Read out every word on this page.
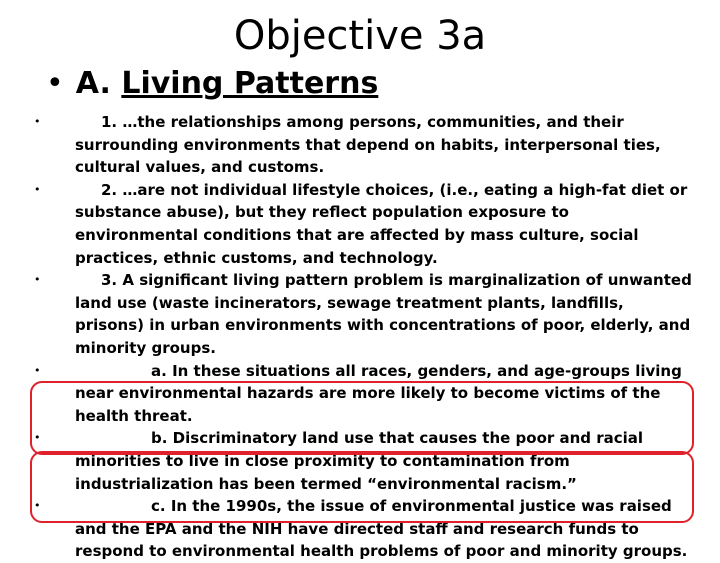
Objective 3a
• A. Living Patterns
•	1. …the relationships among persons, communities, and their surrounding environments that depend on habits, interpersonal ties, cultural values, and customs.
•	2. …are not individual lifestyle choices, (i.e., eating a high-fat diet or substance abuse), but they reflect population exposure to environmental conditions that are affected by mass culture, social practices, ethnic customs, and technology.
•	3. A significant living pattern problem is marginalization of unwanted land use (waste incinerators, sewage treatment plants, landfills, prisons) in urban environments with concentrations of poor, elderly, and minority groups.
•	a. In these situations all races, genders, and age-groups living near environmental hazards are more likely to become victims of the health threat.
•	b. Discriminatory land use that causes the poor and racial minorities to live in close proximity to contamination from industrialization has been termed “environmental racism.”
•	c. In the 1990s, the issue of environmental justice was raised and the EPA and the NIH have directed staff and research funds to respond to environmental health problems of poor and minority groups.
